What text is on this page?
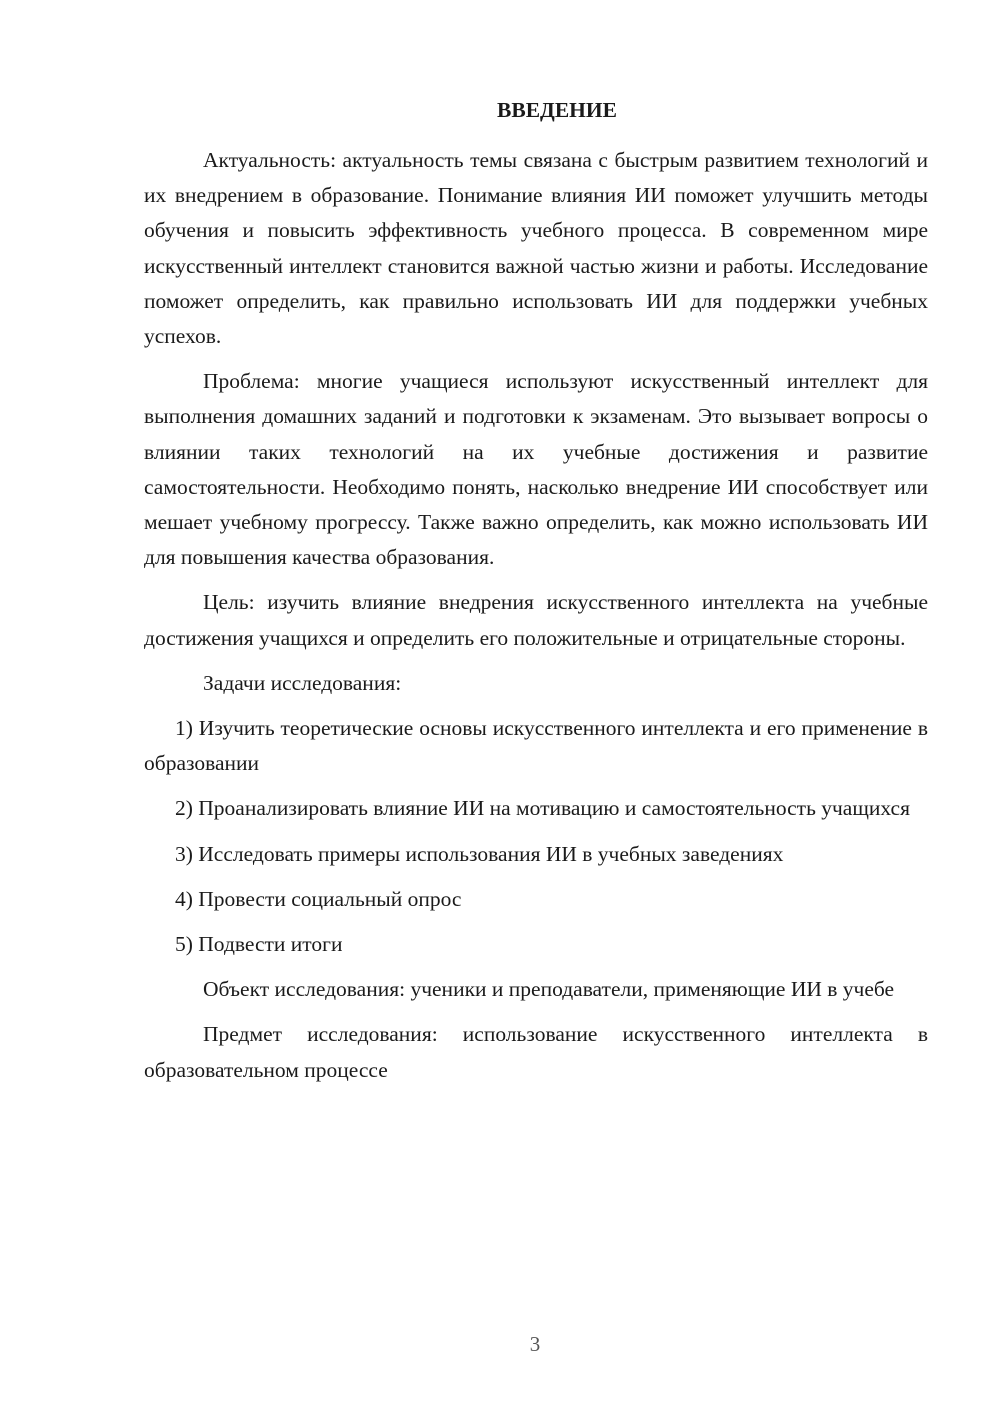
ВВЕДЕНИЕ

Актуальность: актуальность темы связана с быстрым развитием технологий и их внедрением в образование. Понимание влияния ИИ поможет улучшить методы обучения и повысить эффективность учебного процесса. В современном мире искусственный интеллект становится важной частью жизни и работы. Исследование поможет определить, как правильно использовать ИИ для поддержки учебных успехов.

Проблема: многие учащиеся используют искусственный интеллект для выполнения домашних заданий и подготовки к экзаменам. Это вызывает вопросы о влиянии таких технологий на их учебные достижения и развитие самостоятельности. Необходимо понять, насколько внедрение ИИ способствует или мешает учебному прогрессу. Также важно определить, как можно использовать ИИ для повышения качества образования.

Цель: изучить влияние внедрения искусственного интеллекта на учебные достижения учащихся и определить его положительные и отрицательные стороны.

Задачи исследования:

1) Изучить теоретические основы искусственного интеллекта и его применение в образовании

2) Проанализировать влияние ИИ на мотивацию и самостоятельность учащихся

3) Исследовать примеры использования ИИ в учебных заведениях

4) Провести социальный опрос

5) Подвести итоги

Объект исследования: ученики и преподаватели, применяющие ИИ в учебе

Предмет исследования: использование искусственного интеллекта в образовательном процессе

3
